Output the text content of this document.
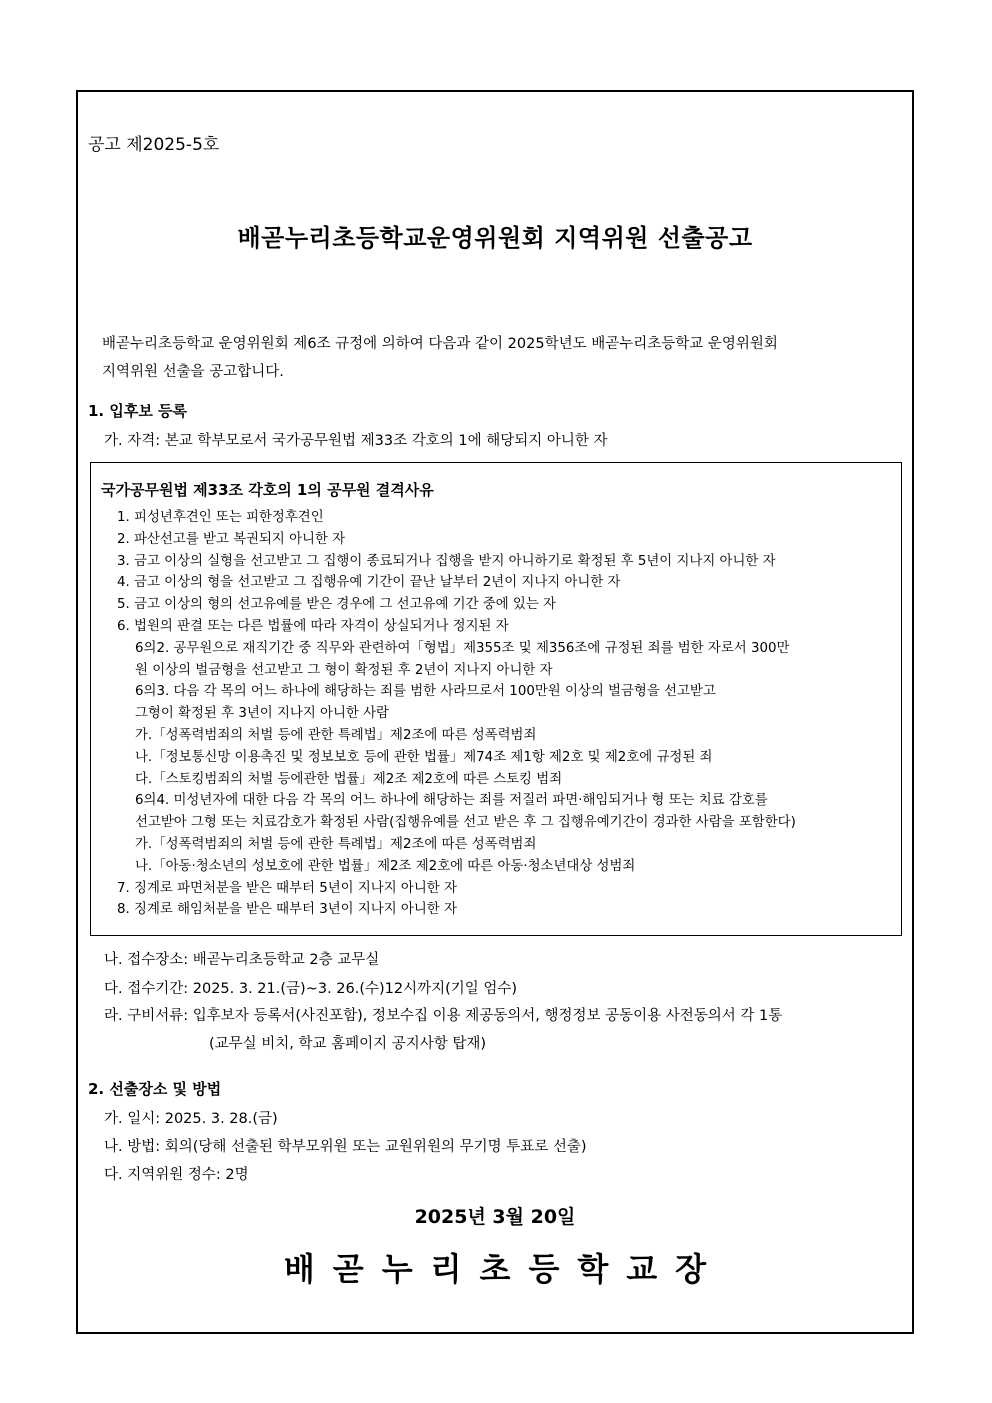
공고 제2025-5호
배곧누리초등학교운영위원회 지역위원 선출공고
배곧누리초등학교 운영위원회 제6조 규정에 의하여 다음과 같이 2025학년도 배곧누리초등학교 운영위원회
지역위원 선출을 공고합니다.
1. 입후보 등록
가. 자격: 본교 학부모로서 국가공무원법 제33조 각호의 1에 해당되지 아니한 자
국가공무원법 제33조 각호의 1의 공무원 결격사유
1. 피성년후견인 또는 피한정후견인
2. 파산선고를 받고 복권되지 아니한 자
3. 금고 이상의 실형을 선고받고 그 집행이 종료되거나 집행을 받지 아니하기로 확정된 후 5년이 지나지 아니한 자
4. 금고 이상의 형을 선고받고 그 집행유예 기간이 끝난 날부터 2년이 지나지 아니한 자
5. 금고 이상의 형의 선고유예를 받은 경우에 그 선고유예 기간 중에 있는 자
6. 법원의 판결 또는 다른 법률에 따라 자격이 상실되거나 정지된 자
6의2. 공무원으로 재직기간 중 직무와 관련하여「형법」제355조 및 제356조에 규정된 죄를 범한 자로서 300만
원 이상의 벌금형을 선고받고 그 형이 확정된 후 2년이 지나지 아니한 자
6의3. 다음 각 목의 어느 하나에 해당하는 죄를 범한 사라므로서 100만원 이상의 벌금형을 선고받고
그형이 확정된 후 3년이 지나지 아니한 사람
가.「성폭력범죄의 처벌 등에 관한 특례법」제2조에 따른 성폭력범죄
나.「정보통신망 이용촉진 및 정보보호 등에 관한 법률」제74조 제1항 제2호 및 제2호에 규정된 죄
다.「스토킹범죄의 처벌 등에관한 법률」제2조 제2호에 따른 스토킹 범죄
6의4. 미성년자에 대한 다음 각 목의 어느 하나에 해당하는 죄를 저질러 파면·해임되거나 형 또는 치료 감호를
선고받아 그형 또는 치료감호가 확정된 사람(집행유예를 선고 받은 후 그 집행유예기간이 경과한 사람을 포함한다)
가.「성폭력범죄의 처벌 등에 관한 특례법」제2조에 따른 성폭력범죄
나.「아동·청소년의 성보호에 관한 법률」제2조 제2호에 따른 아동·청소년대상 성범죄
7. 징계로 파면처분을 받은 때부터 5년이 지나지 아니한 자
8. 징계로 해임처분을 받은 때부터 3년이 지나지 아니한 자
나. 접수장소: 배곧누리초등학교 2층 교무실
다. 접수기간: 2025. 3. 21.(금)~3. 26.(수)12시까지(기일 엄수)
라. 구비서류: 입후보자 등록서(사진포함), 정보수집 이용 제공동의서, 행정정보 공동이용 사전동의서 각 1통
(교무실 비치, 학교 홈페이지 공지사항 탑재)
2. 선출장소 및 방법
가. 일시: 2025. 3. 28.(금)
나. 방법: 회의(당해 선출된 학부모위원 또는 교원위원의 무기명 투표로 선출)
다. 지역위원 정수: 2명
2025년 3월 20일
배곧누리초등학교장
